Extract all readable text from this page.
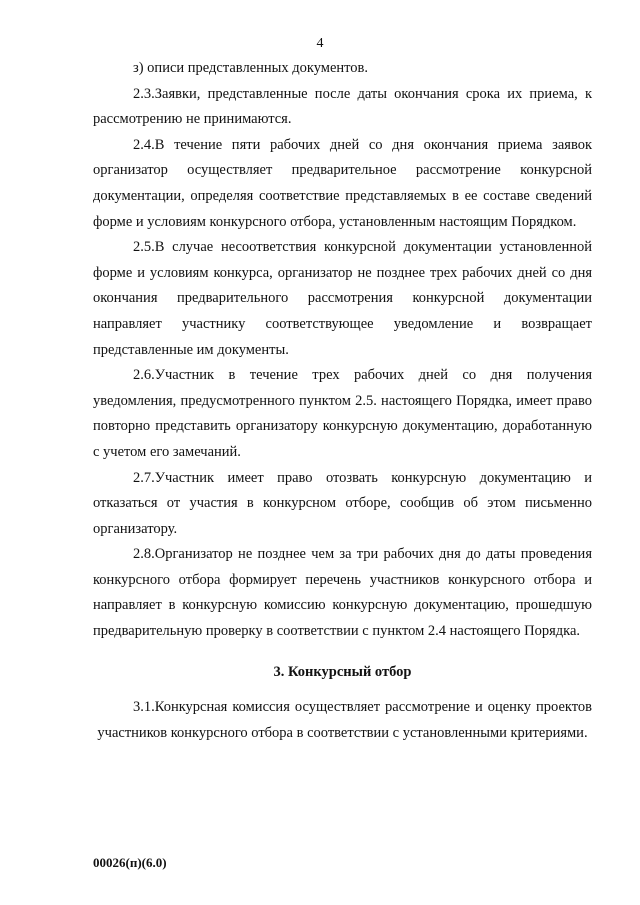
4

з) описи представленных документов.

2.3.Заявки, представленные после даты окончания срока их приема, к рассмотрению не принимаются.

2.4.В течение пяти рабочих дней со дня окончания приема заявок организатор осуществляет предварительное рассмотрение конкурсной документации, определяя соответствие представляемых в ее составе сведений форме и условиям конкурсного отбора, установленным настоящим Порядком.

2.5.В случае несоответствия конкурсной документации установленной форме и условиям конкурса, организатор не позднее трех рабочих дней со дня окончания предварительного рассмотрения конкурсной документации направляет участнику соответствующее уведомление и возвращает представленные им документы.

2.6.Участник в течение трех рабочих дней со дня получения уведомления, предусмотренного пунктом 2.5. настоящего Порядка, имеет право повторно представить организатору конкурсную документацию, доработанную с учетом его замечаний.

2.7.Участник имеет право отозвать конкурсную документацию и отказаться от участия в конкурсном отборе, сообщив об этом письменно организатору.

2.8.Организатор не позднее чем за три рабочих дня до даты проведения конкурсного отбора формирует перечень участников конкурсного отбора и направляет в конкурсную комиссию конкурсную документацию, прошедшую предварительную проверку в соответствии с пунктом 2.4 настоящего Порядка.

3. Конкурсный отбор

3.1.Конкурсная комиссия осуществляет рассмотрение и оценку проектов участников конкурсного отбора в соответствии с установленными критериями.

00026(п)(6.0)
